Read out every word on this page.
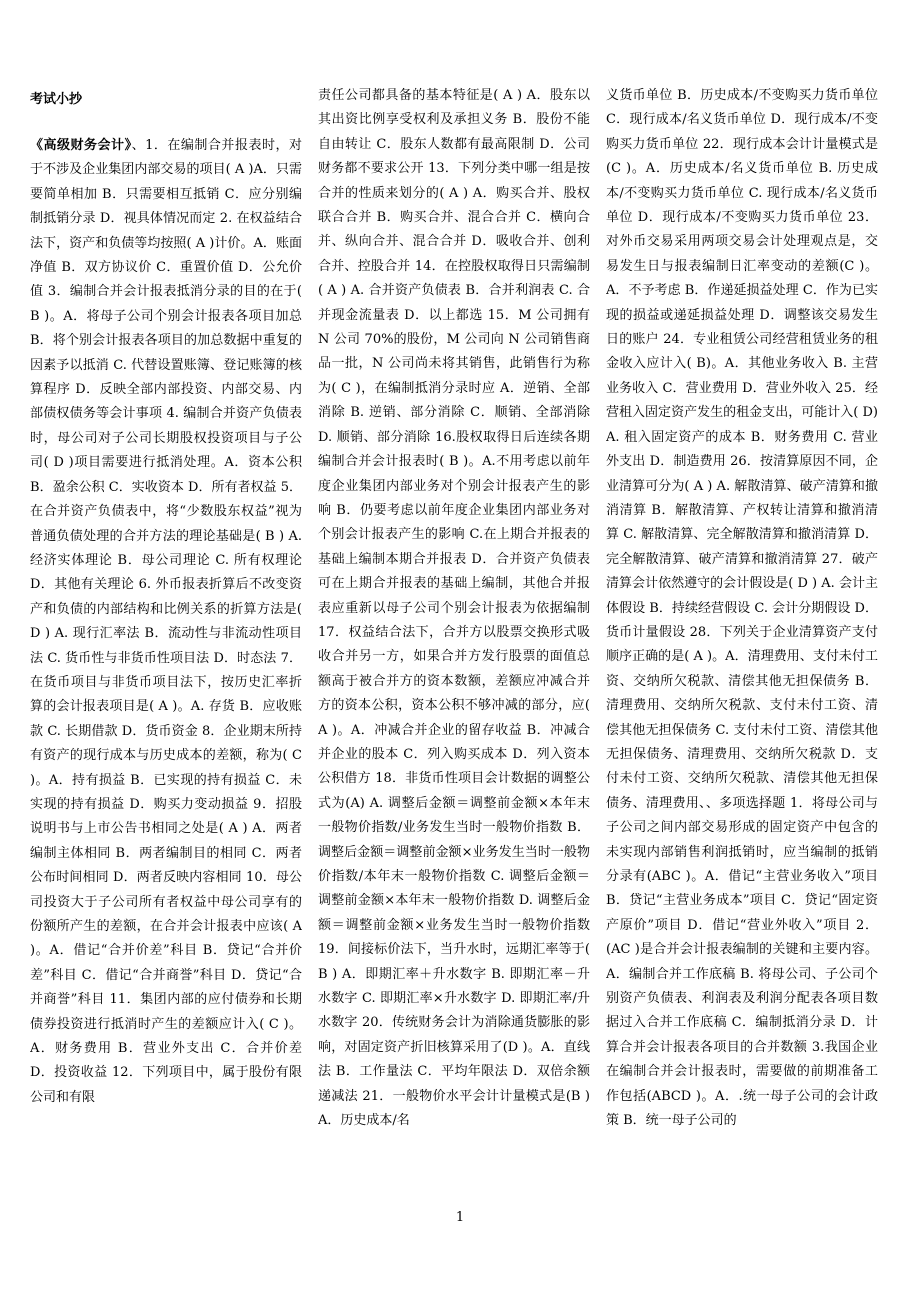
考试小抄
《高级财务会计》、1．在编制合并报表时，对于不涉及企业集团内部交易的项目( A )A．只需要简单相加 B．只需要相互抵销 C．应分别编制抵销分录 D．视具体情况而定 2. 在权益结合法下，资产和负债等均按照( A )计价。A．账面净值 B．双方协议价 C．重置价值 D．公允价值 3．编制合并会计报表抵消分录的目的在于( B )。A．将母子公司个别会计报表各项目加总 B．将个别会计报表各项目的加总数据中重复的因素予以抵消 C. 代替设置账簿、登记账簿的核算程序 D．反映全部内部投资、内部交易、内部债权债务等会计事项 4. 编制合并资产负债表时，母公司对子公司长期股权投资项目与子公司( D )项目需要进行抵消处理。A．资本公积 B．盈余公积 C．实收资本 D．所有者权益 5．在合并资产负债表中，将“少数股东权益”视为普通负债处理的合并方法的理论基础是( B ) A. 经济实体理论 B．母公司理论 C. 所有权理论 D．其他有关理论 6. 外币报表折算后不改变资产和负债的内部结构和比例关系的折算方法是( D ) A. 现行汇率法 B．流动性与非流动性项目法 C. 货币性与非货币性项目法 D．时态法 7．在货币项目与非货币项目法下，按历史汇率折算的会计报表项目是( A )。A. 存货 B．应收账款 C. 长期借款 D．货币资金 8．企业期末所持有资产的现行成本与历史成本的差额，称为( C )。A．持有损益 B．已实现的持有损益 C．未实现的持有损益 D．购买力变动损益 9．招股说明书与上市公告书相同之处是( A ) A．两者编制主体相同 B．两者编制目的相同 C．两者公布时间相同 D．两者反映内容相同 10．母公司投资大于子公司所有者权益中母公司享有的份额所产生的差额，在合并会计报表中应该( A )。A．借记“合并价差”科目 B．贷记“合并价差”科目 C．借记“合并商誉”科目 D．贷记“合并商誉”科目 11．集团内部的应付债券和长期债券投资进行抵消时产生的差额应计入( C )。A．财务费用 B．营业外支出 C．合并价差 D．投资收益 12．下列项目中，属于股份有限公司和有限
责任公司都具备的基本特征是( A ) A．股东以其出资比例享受权利及承担义务 B．股份不能自由转让 C．股东人数都有最高限制 D．公司财务都不要求公开 13．下列分类中哪一组是按合并的性质来划分的( A ) A．购买合并、股权联合合并 B．购买合并、混合合并 C．横向合并、纵向合并、混合合并 D．吸收合并、创利合并、控股合并 14．在控股权取得日只需编制( A ) A. 合并资产负债表 B．合并利润表 C. 合并现金流量表 D．以上都选 15．M 公司拥有 N 公司 70%的股份，M 公司向 N 公司销售商品一批，N 公司尚未将其销售，此销售行为称为( C )，在编制抵消分录时应 A．逆销、全部消除 B. 逆销、部分消除 C．顺销、全部消除 D. 顺销、部分消除 16.股权取得日后连续各期编制合并会计报表时( B )。A.不用考虑以前年度企业集团内部业务对个别会计报表产生的影响 B．仍要考虑以前年度企业集团内部业务对个别会计报表产生的影响 C.在上期合并报表的基础上编制本期合并报表 D．合并资产负债表可在上期合并报表的基础上编制，其他合并报表应重新以母子公司个别会计报表为依据编制 17．权益结合法下，合并方以股票交换形式吸收合并另一方，如果合并方发行股票的面值总额高于被合并方的资本数额，差额应冲减合并方的资本公积，资本公积不够冲减的部分，应( A )。A．冲减合并企业的留存收益 B．冲减合并企业的股本 C．列入购买成本 D．列入资本公积借方 18．非货币性项目会计数据的调整公式为(A) A. 调整后金额＝调整前金额×本年末一般物价指数/业务发生当时一般物价指数 B．调整后金额＝调整前金额×业务发生当时一般物价指数/本年末一般物价指数 C. 调整后金额＝调整前金额×本年末一般物价指数 D. 调整后金额＝调整前金额×业务发生当时一般物价指数 19．间接标价法下，当升水时，远期汇率等于( B ) A．即期汇率＋升水数字 B. 即期汇率－升水数字 C. 即期汇率×升水数字 D. 即期汇率/升水数字 20．传统财务会计为消除通货膨胀的影响，对固定资产折旧核算采用了(D )。A．直线法 B．工作量法 C．平均年限法 D．双倍余额递减法 21．一般物价水平会计计量模式是(B ) A．历史成本/名
义货币单位 B．历史成本/不变购买力货币单位 C．现行成本/名义货币单位 D．现行成本/不变购买力货币单位 22．现行成本会计计量模式是(C )。A．历史成本/名义货币单位 B. 历史成本/不变购买力货币单位 C. 现行成本/名义货币单位 D．现行成本/不变购买力货币单位 23．对外币交易采用两项交易会计处理观点是，交易发生日与报表编制日汇率变动的差额(C )。A．不予考虑 B．作递延损益处理 C．作为已实现的损益或递延损益处理 D．调整该交易发生日的账户 24．专业租赁公司经营租赁业务的租金收入应计入( B)。A．其他业务收入 B. 主营业务收入 C．营业费用 D．营业外收入 25．经营租入固定资产发生的租金支出，可能计入( D) A. 租入固定资产的成本 B．财务费用 C. 营业外支出 D．制造费用 26．按清算原因不同，企业清算可分为( A ) A. 解散清算、破产清算和撤消清算 B．解散清算、产权转让清算和撤消清算 C. 解散清算、完全解散清算和撤消清算 D．完全解散清算、破产清算和撤消清算 27．破产清算会计依然遵守的会计假设是( D ) A. 会计主体假设 B．持续经营假设 C. 会计分期假设 D．货币计量假设 28．下列关于企业清算资产支付顺序正确的是( A )。A．清理费用、支付未付工资、交纳所欠税款、清偿其他无担保债务 B．清理费用、交纳所欠税款、支付未付工资、清偿其他无担保债务 C. 支付未付工资、清偿其他无担保债务、清理费用、交纳所欠税款 D．支付未付工资、交纳所欠税款、清偿其他无担保债务、清理费用、、多项选择题 1．将母公司与子公司之间内部交易形成的固定资产中包含的未实现内部销售利润抵销时，应当编制的抵销分录有(ABC )。A．借记“主营业务收入”项目 B．贷记“主营业务成本”项目 C．贷记“固定资产原价”项目 D．借记“营业外收入”项目 2．(AC )是合并会计报表编制的关键和主要内容。A．编制合并工作底稿 B. 将母公司、子公司个别资产负债表、利润表及利润分配表各项目数据过入合并工作底稿 C．编制抵消分录 D．计算合并会计报表各项目的合并数额 3.我国企业在编制合并会计报表时，需要做的前期准备工作包括(ABCD )。A．.统一母子公司的会计政策 B．统一母子公司的
1
